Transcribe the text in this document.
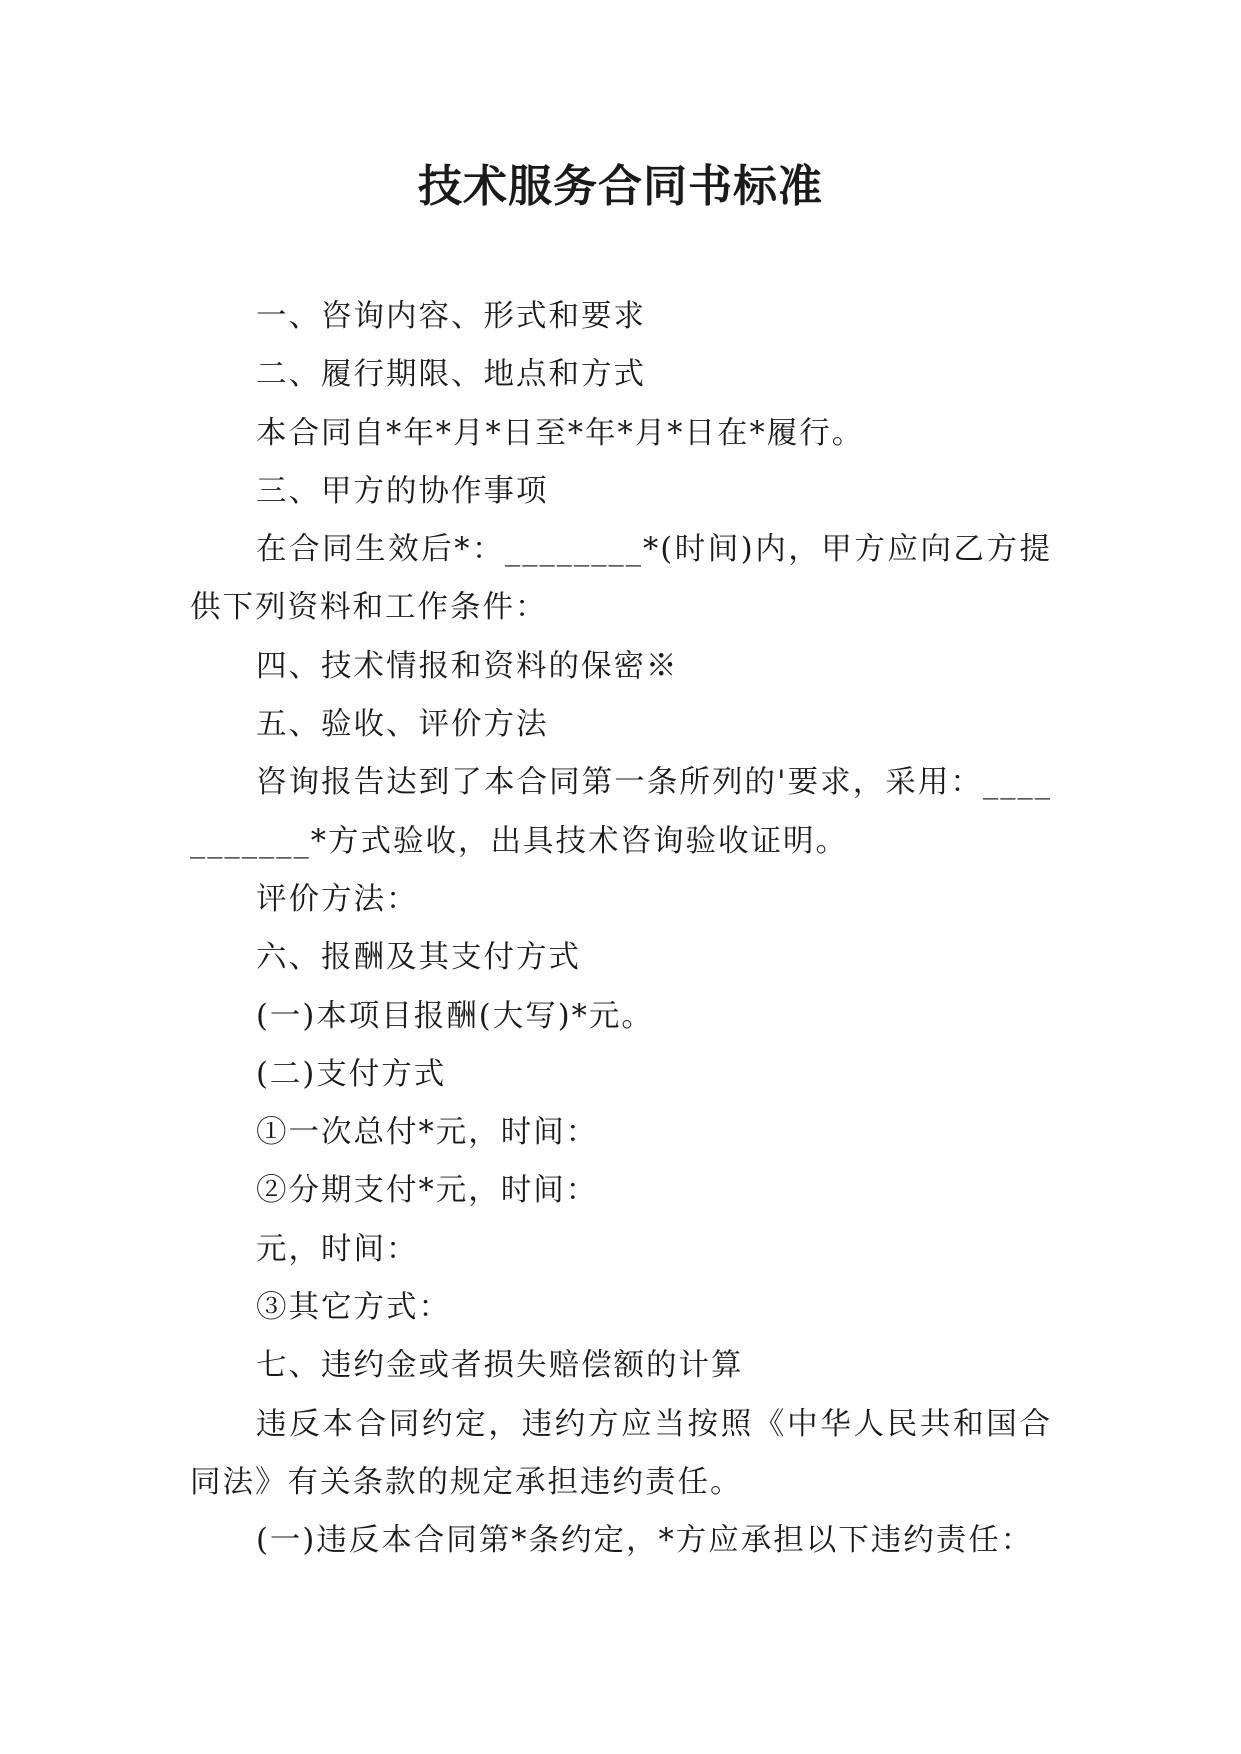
技术服务合同书标准

一、咨询内容、形式和要求

二、履行期限、地点和方式

本合同自*年*月*日至*年*月*日在*履行。

三、甲方的协作事项

在合同生效后*：________*(时间)内，甲方应向乙方提供下列资料和工作条件：

四、技术情报和资料的保密※

五、验收、评价方法

咨询报告达到了本合同第一条所列的'要求，采用：___________*方式验收，出具技术咨询验收证明。

评价方法：

六、报酬及其支付方式

(一)本项目报酬(大写)*元。

(二)支付方式

①一次总付*元，时间：

②分期支付*元，时间：

元，时间：

③其它方式：

七、违约金或者损失赔偿额的计算

违反本合同约定，违约方应当按照《中华人民共和国合同法》有关条款的规定承担违约责任。

(一)违反本合同第*条约定，*方应承担以下违约责任：
